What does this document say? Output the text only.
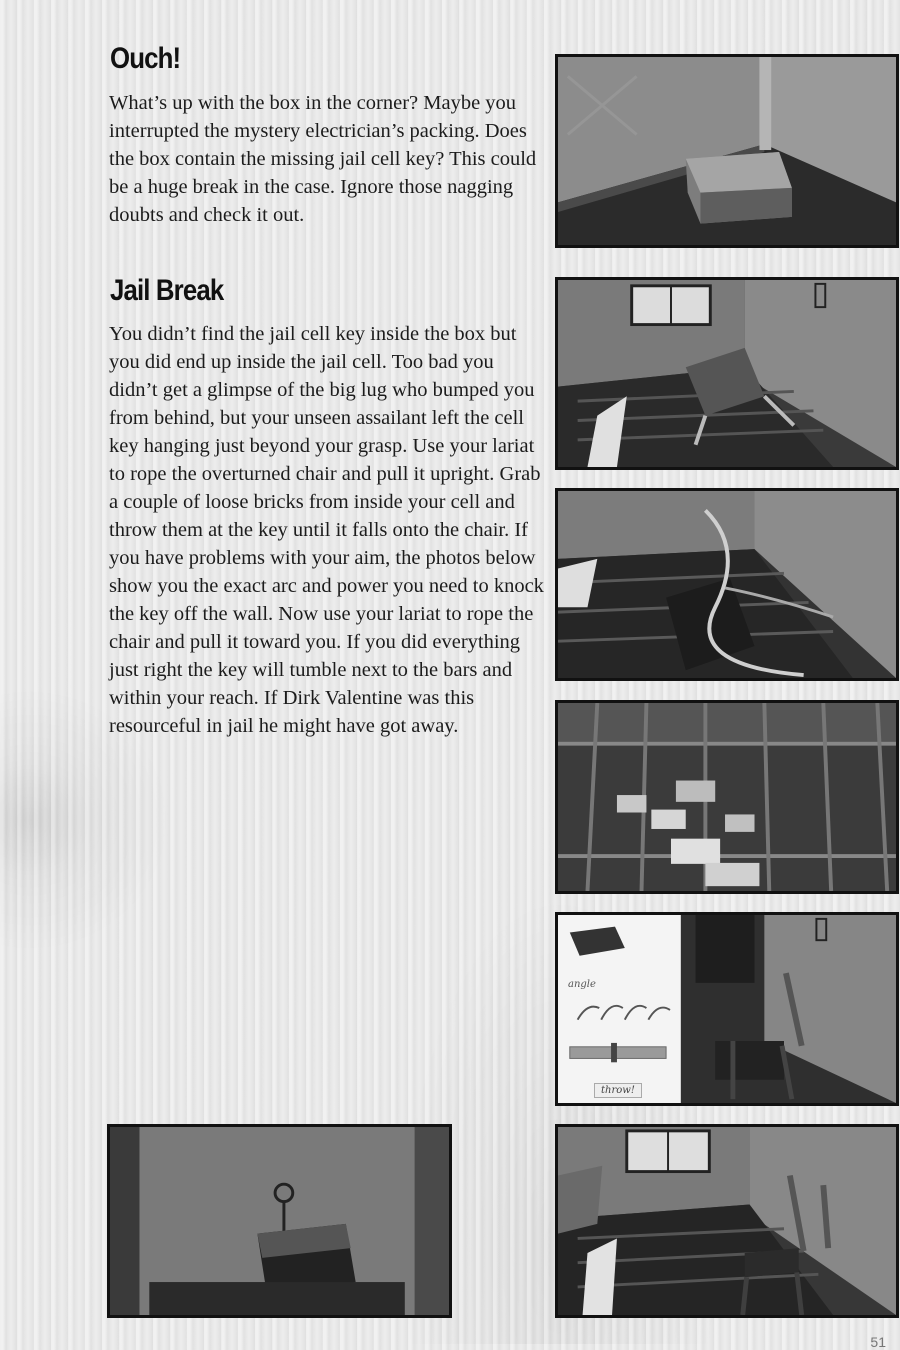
Ouch!

What’s up with the box in the corner? Maybe you interrupted the mystery electrician’s packing. Does the box contain the missing jail cell key? This could be a huge break in the case. Ignore those nagging doubts and check it out.

Jail Break

You didn’t find the jail cell key inside the box but you did end up inside the jail cell. Too bad you didn’t get a glimpse of the big lug who bumped you from behind, but your unseen assailant left the cell key hanging just beyond your grasp. Use your lariat to rope the overturned chair and pull it upright. Grab a couple of loose bricks from inside your cell and throw them at the key until it falls onto the chair. If you have problems with your aim, the photos below show you the exact arc and power you need to knock the key off the wall. Now use your lariat to rope the chair and pull it toward you. If you did everything just right the key will tumble next to the bars and within your reach. If Dirk Valentine was this resourceful in jail he might have got away.

angle
throw!
51
